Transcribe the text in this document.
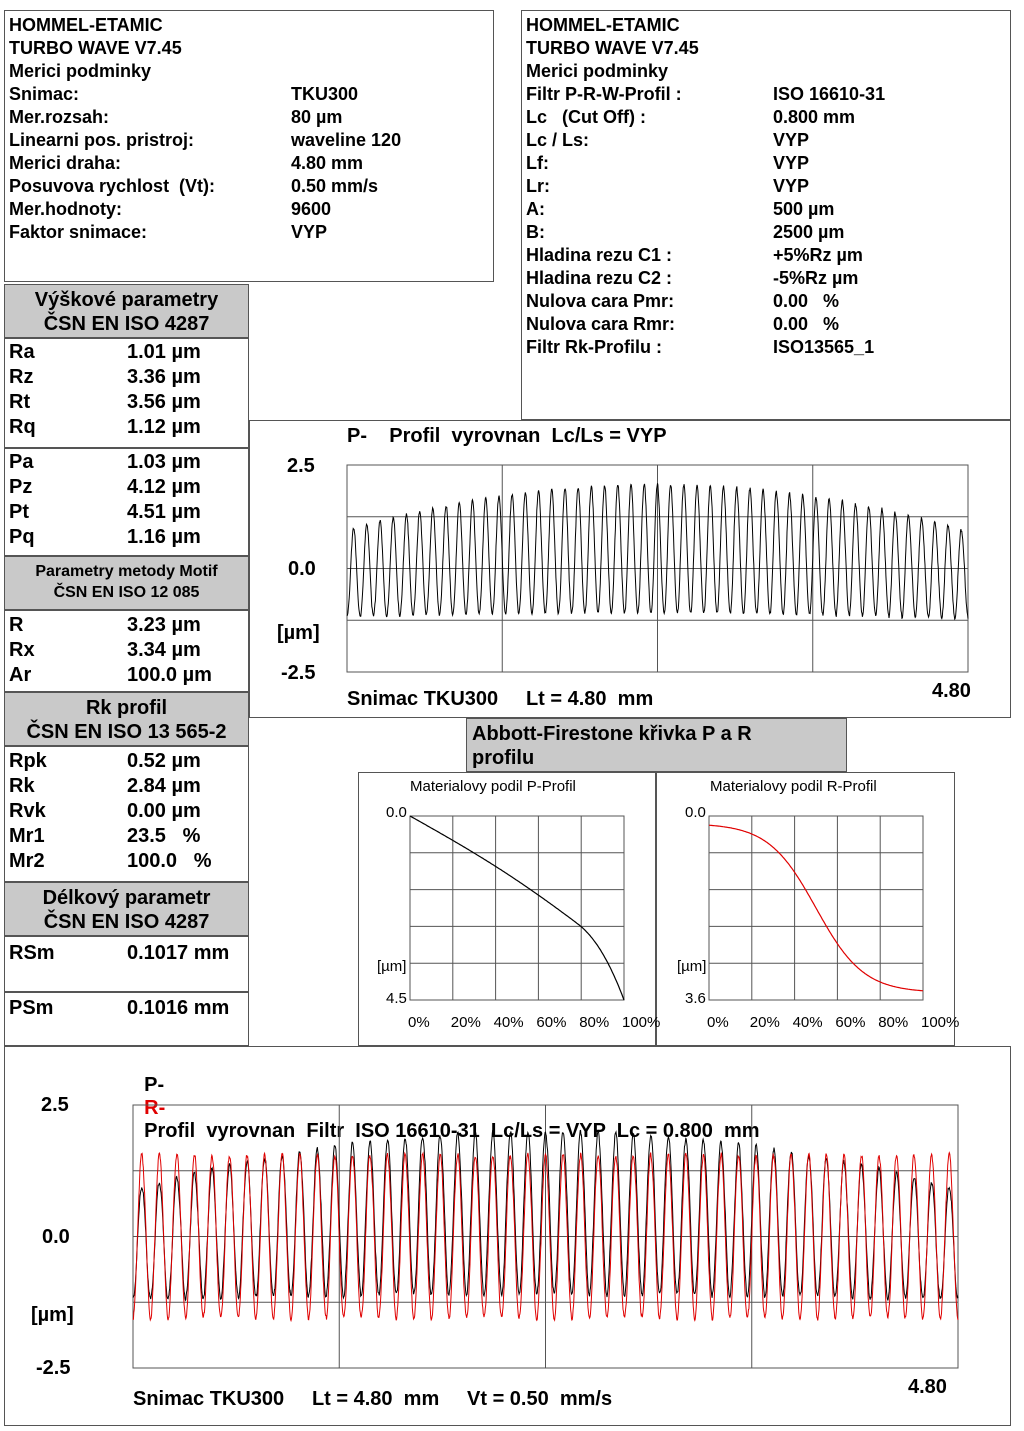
HOMMEL-ETAMIC
TURBO WAVE V7.45
Merici podminky
Snimac:	TKU300
Mer.rozsah:	80 µm
Linearni pos. pristroj:	waveline 120
Merici draha:	4.80 mm
Posuvova rychlost  (Vt):	0.50 mm/s
Mer.hodnoty:	9600
Faktor snimace:	VYP
HOMMEL-ETAMIC
TURBO WAVE V7.45
Merici podminky
Filtr P-R-W-Profil :	ISO 16610-31
Lc   (Cut Off) :	0.800 mm
Lc / Ls:	VYP
Lf:	VYP
Lr:	VYP
A:	500 µm
B:	2500 µm
Hladina rezu C1 :	+5%Rz µm
Hladina rezu C2 :	-5%Rz µm
Nulova cara Pmr:	0.00   %
Nulova cara Rmr:	0.00   %
Filtr Rk-Profilu :	ISO13565_1
Výškové parametry
ČSN EN ISO 4287
Parametry metody Motif
ČSN EN ISO 12 085
Rk profil
ČSN EN ISO 13 565-2
Délkový parametr
ČSN EN ISO 4287
Ra	1.01 µm
Rz	3.36 µm
Rt	3.56 µm
Rq	1.12 µm
Pa	1.03 µm
Pz	4.12 µm
Pt	4.51 µm
Pq	1.16 µm
R	3.23 µm
Rx	3.34 µm
Ar	100.0 µm
Rpk	0.52 µm
Rk	2.84 µm
Rvk	0.00 µm
Mr1	23.5   %
Mr2	100.0   %
RSm	0.1017 mm
PSm	0.1016 mm
P-    Profil  vyrovnan  Lc/Ls = VYP
2.5
0.0
[µm]
-2.5
Snimac TKU300     Lt = 4.80  mm	4.80
Abbott-Firestone křivka P a R
profilu
Materialovy podil P-Profil	Materialovy podil R-Profil
0.0
[µm]
4.5
0.0
[µm]
3.6
0% 20% 40% 60% 80% 100%	0% 20% 40% 60% 80% 100%

P-
R-
Profil  vyrovnan  Filtr  ISO 16610-31  Lc/Ls = VYP  Lc = 0.800  mm

2.5
0.0
[µm]
-2.5
Snimac TKU300     Lt = 4.80  mm     Vt = 0.50  mm/s
4.80
